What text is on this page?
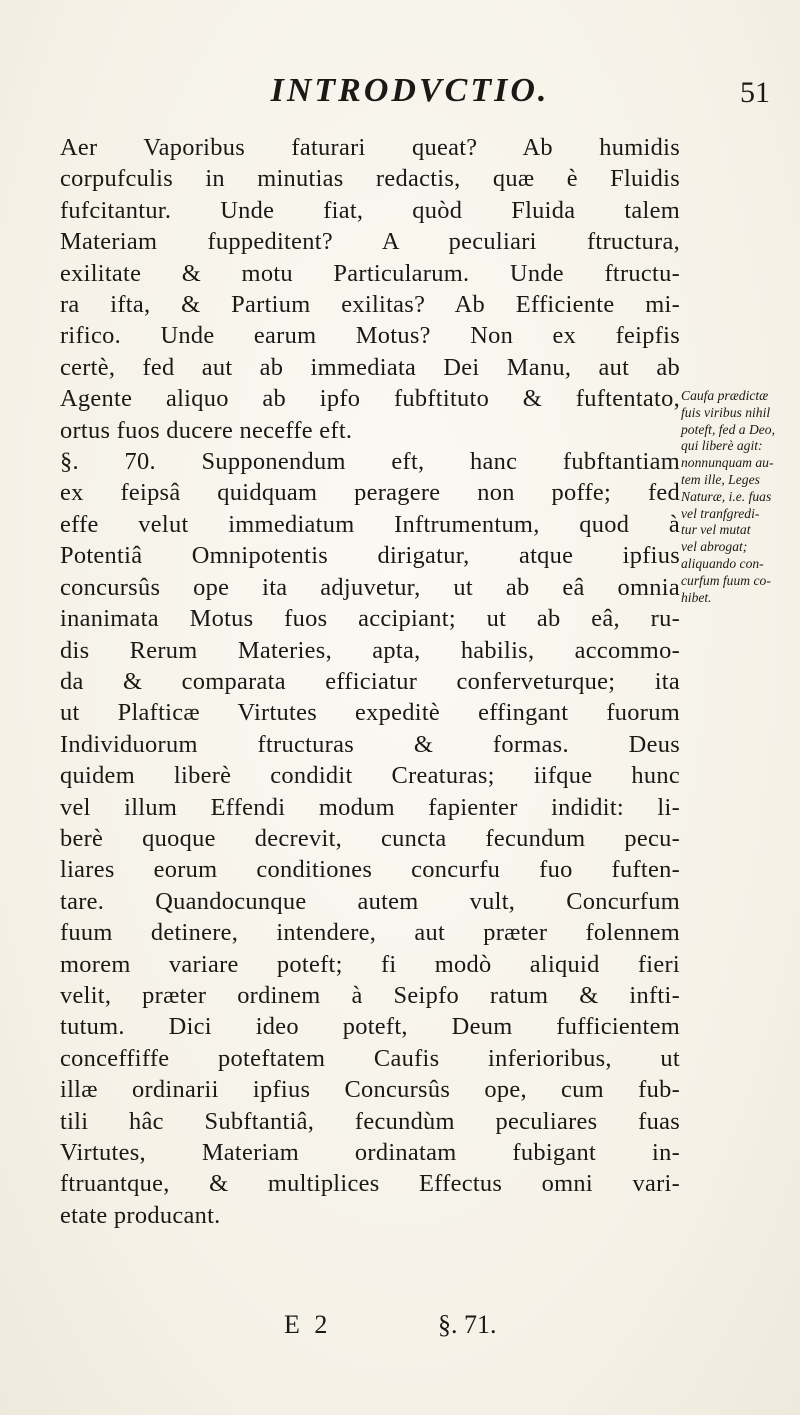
INTRODVCTIO.	51
Aer Vaporibus faturari queat? Ab humidis
corpufculis in minutias redactis, quæ è Fluidis
fufcitantur. Unde fiat, quòd Fluida talem
Materiam fuppeditent? A peculiari ftructura,
exilitate & motu Particularum. Unde ftructu-
ra ifta, & Partium exilitas? Ab Efficiente mi-
rifico. Unde earum Motus? Non ex feipfis
certè, fed aut ab immediata Dei Manu, aut ab
Agente aliquo ab ipfo fubftituto & fuftentato,
ortus fuos ducere neceffe eft.
§. 70. Supponendum eft, hanc fubftantiam
ex feipsâ quidquam peragere non poffe; fed
effe velut immediatum Inftrumentum, quod à
Potentiâ Omnipotentis dirigatur, atque ipfius
concursûs ope ita adjuvetur, ut ab eâ omnia
inanimata Motus fuos accipiant; ut ab eâ, ru-
dis Rerum Materies, apta, habilis, accommo-
da & comparata efficiatur conferveturque; ita
ut Plafticæ Virtutes expeditè effingant fuorum
Individuorum ftructuras & formas. Deus
quidem liberè condidit Creaturas; iifque hunc
vel illum Effendi modum fapienter indidit: li-
berè quoque decrevit, cuncta fecundum pecu-
liares eorum conditiones concurfu fuo fuften-
tare. Quandocunque autem vult, Concurfum
fuum detinere, intendere, aut præter folennem
morem variare poteft; fi modò aliquid fieri
velit, præter ordinem à Seipfo ratum & infti-
tutum. Dici ideo poteft, Deum fufficientem
conceffiffe poteftatem Caufis inferioribus, ut
illæ ordinarii ipfius Concursûs ope, cum fub-
tili hâc Subftantiâ, fecundùm peculiares fuas
Virtutes, Materiam ordinatam fubigant in-
ftruantque, & multiplices Effectus omni vari-
etate producant.
Caufa prædictæ
fuis viribus nihil
poteft, fed a Deo,
qui liberè agit:
nonnunquam au-
tem ille, Leges
Naturæ, i.e. fuas
vel tranfgredi-
tur vel mutat
vel abrogat;
aliquando con-
curfum fuum co-
hibet.
E 2	§. 71.
